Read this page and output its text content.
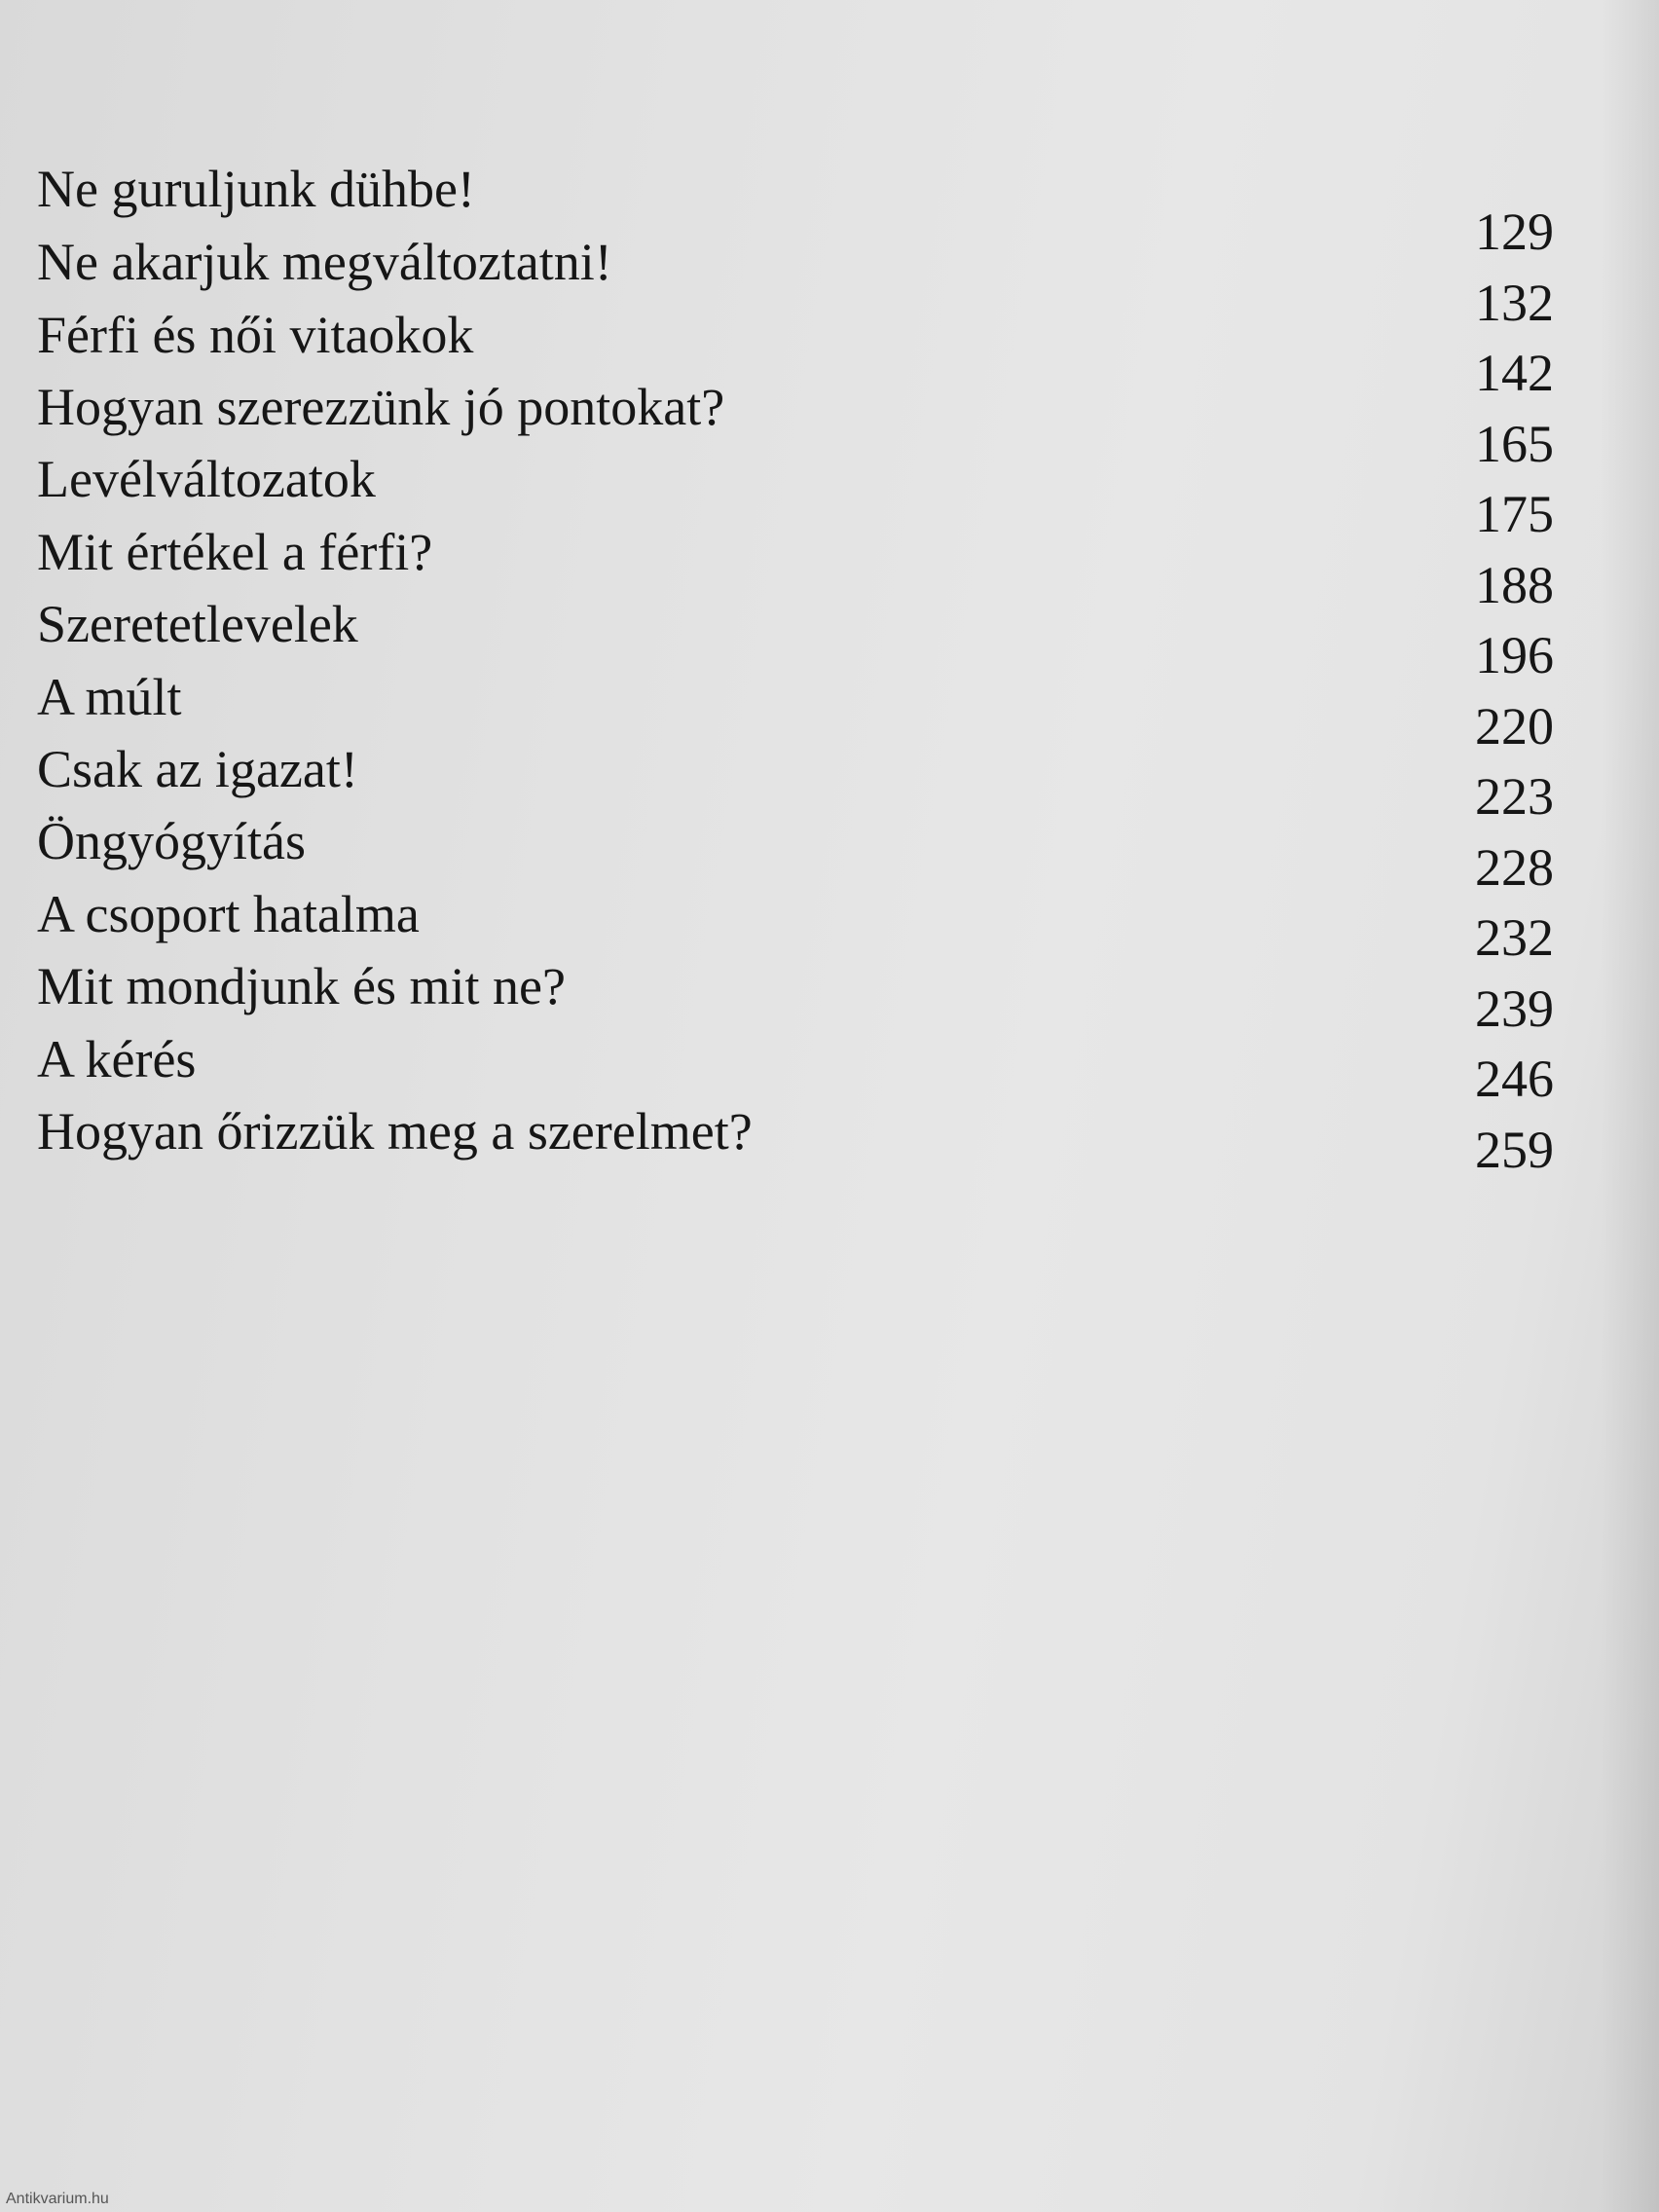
Ne guruljunk dühbe!
Ne akarjuk megváltoztatni!
Férfi és női vitaokok
Hogyan szerezzünk jó pontokat?
Levélváltozatok
Mit értékel a férfi?
Szeretetlevelek
A múlt
Csak az igazat!
Öngyógyítás
A csoport hatalma
Mit mondjunk és mit ne?
A kérés
Hogyan őrizzük meg a szerelmet?
129
132
142
165
175
188
196
220
223
228
232
239
246
259
Antikvarium.hu
